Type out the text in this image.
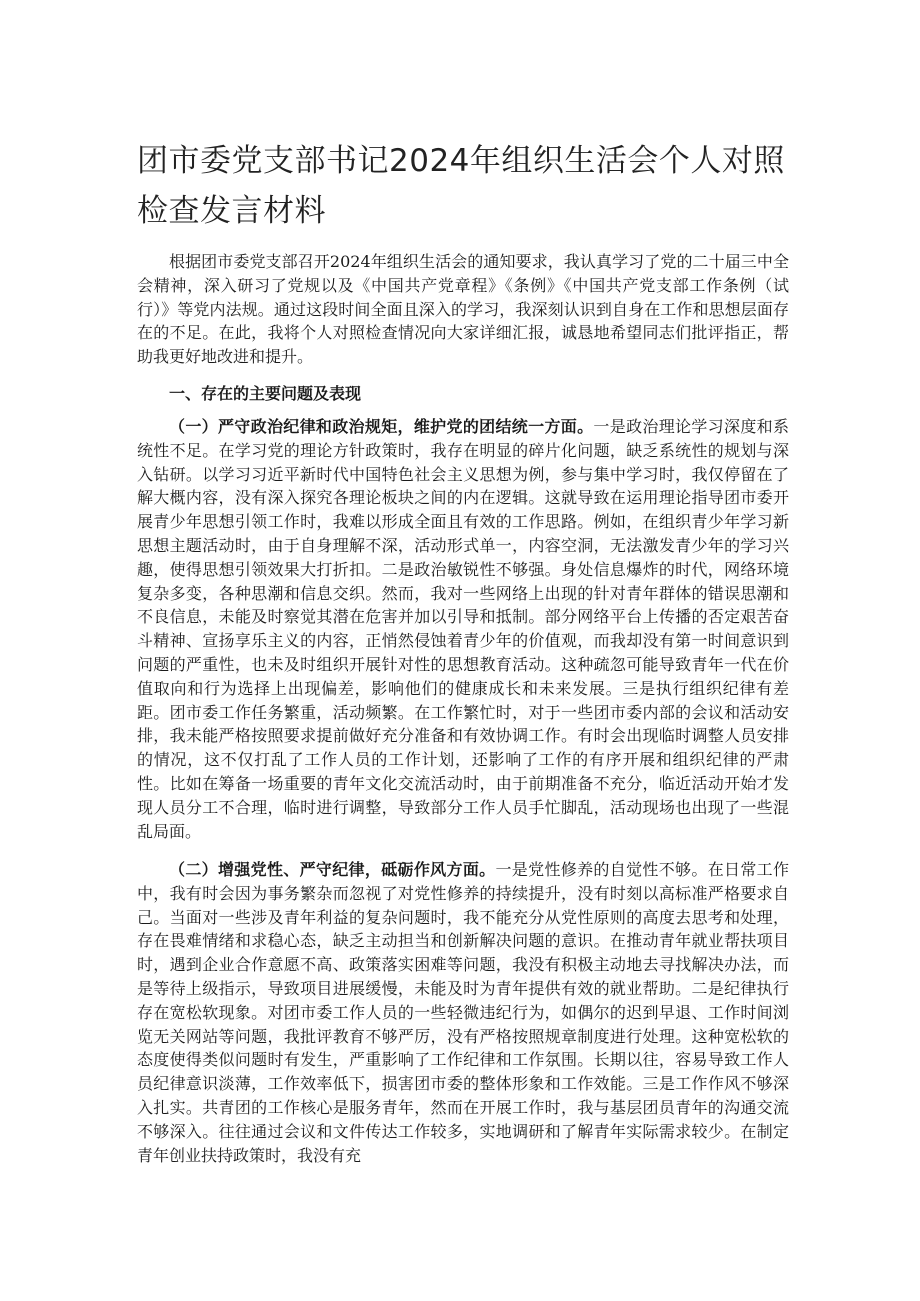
团市委党支部书记2024年组织生活会个人对照检查发言材料

根据团市委党支部召开2024年组织生活会的通知要求，我认真学习了党的二十届三中全会精神，深入研习了党规以及《中国共产党章程》《条例》《中国共产党支部工作条例（试行）》等党内法规。通过这段时间全面且深入的学习，我深刻认识到自身在工作和思想层面存在的不足。在此，我将个人对照检查情况向大家详细汇报，诚恳地希望同志们批评指正，帮助我更好地改进和提升。

一、存在的主要问题及表现

（一）严守政治纪律和政治规矩，维护党的团结统一方面。一是政治理论学习深度和系统性不足。在学习党的理论方针政策时，我存在明显的碎片化问题，缺乏系统性的规划与深入钻研。以学习习近平新时代中国特色社会主义思想为例，参与集中学习时，我仅停留在了解大概内容，没有深入探究各理论板块之间的内在逻辑。这就导致在运用理论指导团市委开展青少年思想引领工作时，我难以形成全面且有效的工作思路。例如，在组织青少年学习新思想主题活动时，由于自身理解不深，活动形式单一，内容空洞，无法激发青少年的学习兴趣，使得思想引领效果大打折扣。二是政治敏锐性不够强。身处信息爆炸的时代，网络环境复杂多变，各种思潮和信息交织。然而，我对一些网络上出现的针对青年群体的错误思潮和不良信息，未能及时察觉其潜在危害并加以引导和抵制。部分网络平台上传播的否定艰苦奋斗精神、宣扬享乐主义的内容，正悄然侵蚀着青少年的价值观，而我却没有第一时间意识到问题的严重性，也未及时组织开展针对性的思想教育活动。这种疏忽可能导致青年一代在价值取向和行为选择上出现偏差，影响他们的健康成长和未来发展。三是执行组织纪律有差距。团市委工作任务繁重，活动频繁。在工作繁忙时，对于一些团市委内部的会议和活动安排，我未能严格按照要求提前做好充分准备和有效协调工作。有时会出现临时调整人员安排的情况，这不仅打乱了工作人员的工作计划，还影响了工作的有序开展和组织纪律的严肃性。比如在筹备一场重要的青年文化交流活动时，由于前期准备不充分，临近活动开始才发现人员分工不合理，临时进行调整，导致部分工作人员手忙脚乱，活动现场也出现了一些混乱局面。

（二）增强党性、严守纪律，砥砺作风方面。一是党性修养的自觉性不够。在日常工作中，我有时会因为事务繁杂而忽视了对党性修养的持续提升，没有时刻以高标准严格要求自己。当面对一些涉及青年利益的复杂问题时，我不能充分从党性原则的高度去思考和处理，存在畏难情绪和求稳心态，缺乏主动担当和创新解决问题的意识。在推动青年就业帮扶项目时，遇到企业合作意愿不高、政策落实困难等问题，我没有积极主动地去寻找解决办法，而是等待上级指示，导致项目进展缓慢，未能及时为青年提供有效的就业帮助。二是纪律执行存在宽松软现象。对团市委工作人员的一些轻微违纪行为，如偶尔的迟到早退、工作时间浏览无关网站等问题，我批评教育不够严厉，没有严格按照规章制度进行处理。这种宽松软的态度使得类似问题时有发生，严重影响了工作纪律和工作氛围。长期以往，容易导致工作人员纪律意识淡薄，工作效率低下，损害团市委的整体形象和工作效能。三是工作作风不够深入扎实。共青团的工作核心是服务青年，然而在开展工作时，我与基层团员青年的沟通交流不够深入。往往通过会议和文件传达工作较多，实地调研和了解青年实际需求较少。在制定青年创业扶持政策时，我没有充
